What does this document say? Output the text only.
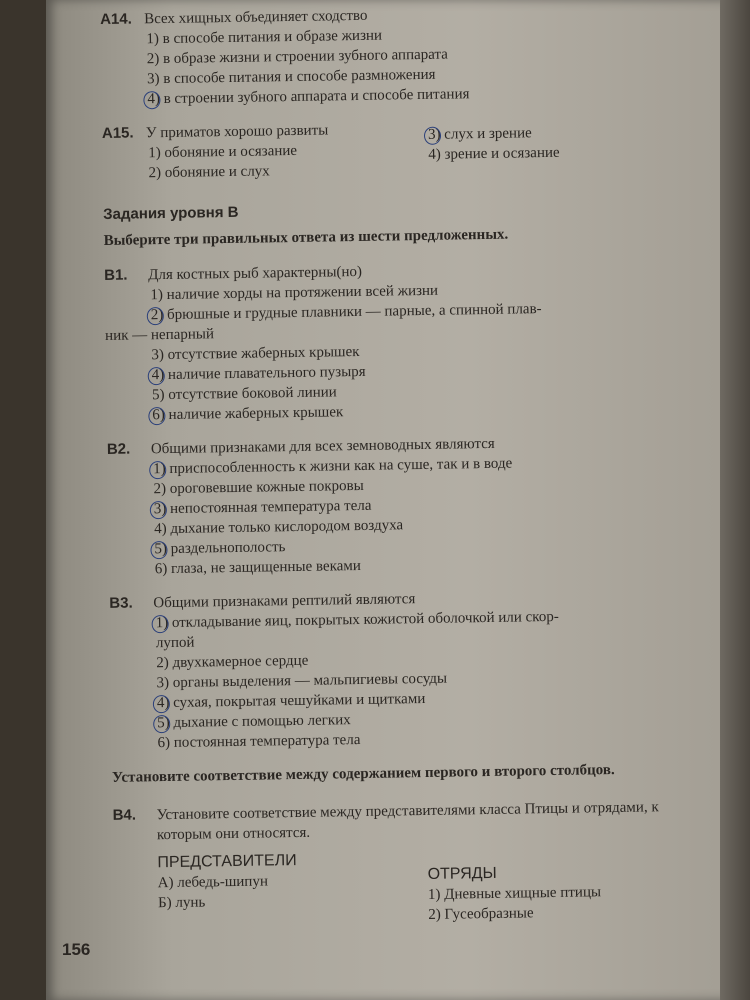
A14. Всех хищных объединяет сходство
1) в способе питания и образе жизни
2) в образе жизни и строении зубного аппарата
3) в способе питания и способе размножения
4) в строении зубного аппарата и способе питания
A15. У приматов хорошо развиты
1) обоняние и осязание
2) обоняние и слух
3) слух и зрение
4) зрение и осязание
Задания уровня В
Выберите три правильных ответа из шести предложенных.
В1. Для костных рыб характерны(но)
1) наличие хорды на протяжении всей жизни
2) брюшные и грудные плавники — парные, а спинной плав-
ник — непарный
3) отсутствие жаберных крышек
4) наличие плавательного пузыря
5) отсутствие боковой линии
6) наличие жаберных крышек
В2. Общими признаками для всех земноводных являются
1) приспособленность к жизни как на суше, так и в воде
2) ороговевшие кожные покровы
3) непостоянная температура тела
4) дыхание только кислородом воздуха
5) раздельнополость
6) глаза, не защищенные веками
В3. Общими признаками рептилий являются
1) откладывание яиц, покрытых кожистой оболочкой или скор-
лупой
2) двухкамерное сердце
3) органы выделения — мальпигиевы сосуды
4) сухая, покрытая чешуйками и щитками
5) дыхание с помощью легких
6) постоянная температура тела
Установите соответствие между содержанием первого и второго столбцов.
В4. Установите соответствие между представителями класса Птицы и отрядами, к которым они относятся.
ПРЕДСТАВИТЕЛИ
А) лебедь-шипун
Б) лунь
ОТРЯДЫ
1) Дневные хищные птицы
2) Гусеобразные
156
